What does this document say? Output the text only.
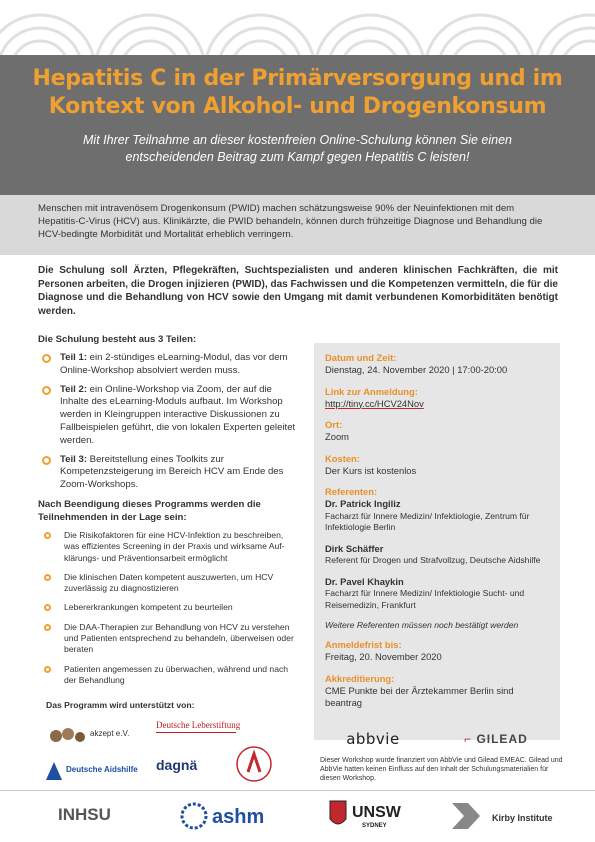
Hepatitis C in der Primärversorgung und im
Kontext von Alkohol- und Drogenkonsum
Mit Ihrer Teilnahme an dieser kostenfreien Online-Schulung können Sie einen entscheidenden Beitrag zum Kampf gegen Hepatitis C leisten!

Menschen mit intravenösem Drogenkonsum (PWID) machen schätzungsweise 90% der Neuinfektionen mit dem Hepatitis-C-Virus (HCV) aus. Klinikärzte, die PWID behandeln, können durch frühzeitige Diagnose und Behandlung die HCV-bedingte Morbidität und Mortalität erheblich verringern.

Die Schulung soll Ärzten, Pflegekräften, Suchtspezialisten und anderen klinischen Fachkräften, die mit Personen arbeiten, die Drogen injizieren (PWID), das Fachwissen und die Kompetenzen vermitteln, die für die Diagnose und die Behandlung von HCV sowie den Umgang mit damit verbundenen Komorbiditäten benötigt werden.

Die Schulung besteht aus 3 Teilen:
Teil 1: ein 2-stündiges eLearning-Modul, das vor dem Online-Workshop absolviert werden muss.
Teil 2: ein Online-Workshop via Zoom, der auf die Inhalte des eLearning-Moduls aufbaut. Im Workshop werden in Kleingruppen interactive Diskussionen zu Fallbeispielen geführt, die von lokalen Experten geleitet werden.
Teil 3: Bereitstellung eines Toolkits zur Kompetenzsteigerung im Bereich HCV am Ende des Zoom-Workshops.
Nach Beendigung dieses Programms werden die Teilnehmenden in der Lage sein:
Die Risikofaktoren für eine HCV-Infektion zu beschreiben, was effizientes Screening in der Praxis und wirksame Auf-klärungs- und Präventionsarbeit ermöglicht
Die klinischen Daten kompetent auszuwerten, um HCV zuverlässig zu diagnostizieren
Lebererkrankungen kompetent zu beurteilen
Die DAA-Therapien zur Behandlung von HCV zu verstehen und Patienten entsprechend zu behandeln, überweisen oder beraten
Patienten angemessen zu überwachen, während und nach der Behandlung
Datum und Zeit:
Dienstag, 24. November 2020 | 17:00-20:00
Link zur Anmeldung:
http://tiny.cc/HCV24Nov
Ort:
Zoom
Kosten:
Der Kurs ist kostenlos
Referenten:
Dr. Patrick Ingiliz
Facharzt für Innere Medizin/ Infektiologie, Zentrum für Infektiologie Berlin
Dirk Schäffer
Referent für Drogen und Strafvollzug, Deutsche Aidshilfe
Dr. Pavel Khaykin
Facharzt für Innere Medizin/ Infektiologie Sucht- und Reisemedizin, Frankfurt
Weitere Referenten müssen noch bestätigt werden
Anmeldefrist bis:
Freitag, 20. November 2020
Akkreditierung:
CME Punkte bei der Ärztekammer Berlin sind beantrag
abbvie	⌐ GILEAD

Dieser Workshop wurde finanziert von AbbVie und Gilead EMEAC. Gilead und AbbVie hatten keinen Einfluss auf den Inhalt der Schulungsmaterialien für diesen Workshop.

Das Programm wird unterstützt von:
akzept e.V.
Deutsche Leberstiftung
Deutsche Aidshilfe dagnä
INHSU	ashm	UNSW
SYDNEY
Kirby Institute
